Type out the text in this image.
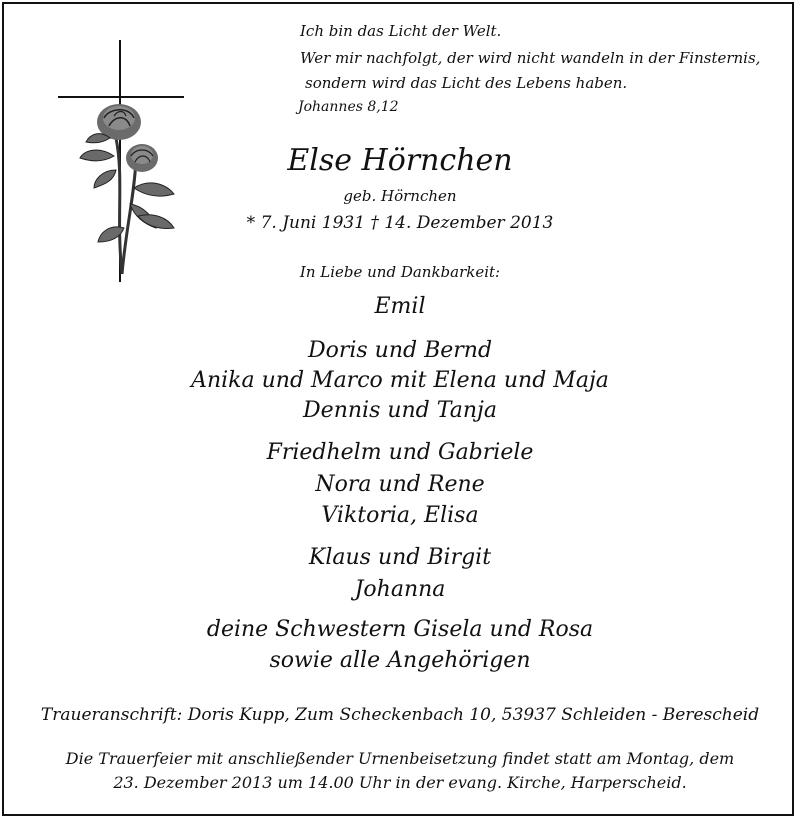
Ich bin das Licht der Welt.
Wer mir nachfolgt, der wird nicht wandeln in der Finsternis,
sondern wird das Licht des Lebens haben.
Johannes 8,12
Else Hörnchen
geb. Hörnchen
* 7. Juni 1931 † 14. Dezember 2013
In Liebe und Dankbarkeit:
Emil
Doris und Bernd
Anika und Marco mit Elena und Maja
Dennis und Tanja
Friedhelm und Gabriele
Nora und Rene
Viktoria, Elisa
Klaus und Birgit
Johanna
deine Schwestern Gisela und Rosa
sowie alle Angehörigen
Traueranschrift: Doris Kupp, Zum Scheckenbach 10, 53937 Schleiden - Berescheid
Die Trauerfeier mit anschließender Urnenbeisetzung findet statt am Montag, dem
23. Dezember 2013 um 14.00 Uhr in der evang. Kirche, Harperscheid.
